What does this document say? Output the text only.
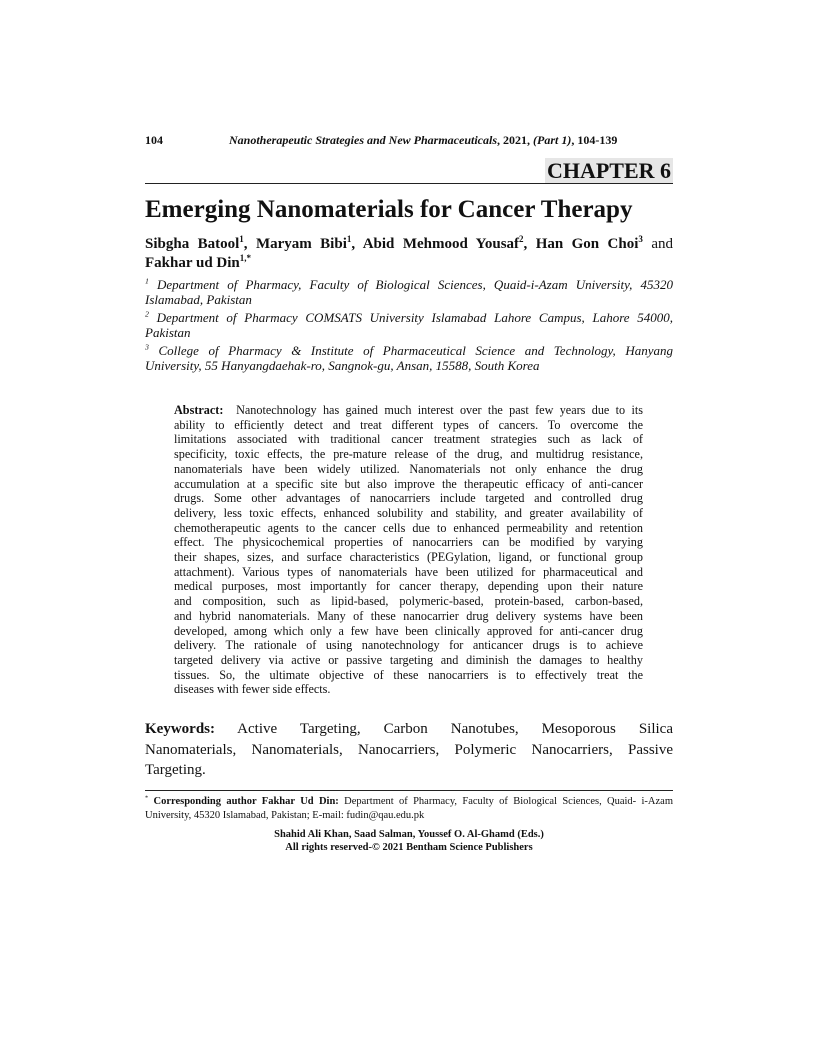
104	Nanotherapeutic Strategies and New Pharmaceuticals, 2021, (Part 1), 104-139
CHAPTER 6
Emerging Nanomaterials for Cancer Therapy
Sibgha Batool$^1$, Maryam Bibi$^1$, Abid Mehmood Yousaf$^2$, Han Gon Choi$^3$ and
Fakhar ud Din$^{1,*}$
$^1$ Department of Pharmacy, Faculty of Biological Sciences, Quaid-i-Azam University, 45320
Islamabad, Pakistan
$^2$ Department of Pharmacy COMSATS University Islamabad Lahore Campus, Lahore 54000,
Pakistan
$^3$ College of Pharmacy & Institute of Pharmaceutical Science and Technology, Hanyang
University, 55 Hanyangdaehak-ro, Sangnok-gu, Ansan, 15588, South Korea
Abstract: Nanotechnology has gained much interest over the past few years due to its
ability to efficiently detect and treat different types of cancers. To overcome the
limitations associated with traditional cancer treatment strategies such as lack of
specificity, toxic effects, the pre-mature release of the drug, and multidrug resistance,
nanomaterials have been widely utilized. Nanomaterials not only enhance the drug
accumulation at a specific site but also improve the therapeutic efficacy of anti-cancer
drugs. Some other advantages of nanocarriers include targeted and controlled drug
delivery, less toxic effects, enhanced solubility and stability, and greater availability of
chemotherapeutic agents to the cancer cells due to enhanced permeability and retention
effect. The physicochemical properties of nanocarriers can be modified by varying
their shapes, sizes, and surface characteristics (PEGylation, ligand, or functional group
attachment). Various types of nanomaterials have been utilized for pharmaceutical and
medical purposes, most importantly for cancer therapy, depending upon their nature
and composition, such as lipid-based, polymeric-based, protein-based, carbon-based,
and hybrid nanomaterials. Many of these nanocarrier drug delivery systems have been
developed, among which only a few have been clinically approved for anti-cancer drug
delivery. The rationale of using nanotechnology for anticancer drugs is to achieve
targeted delivery via active or passive targeting and diminish the damages to healthy
tissues. So, the ultimate objective of these nanocarriers is to effectively treat the
diseases with fewer side effects.
Keywords: Active Targeting, Carbon Nanotubes, Mesoporous Silica
Nanomaterials, Nanomaterials, Nanocarriers, Polymeric Nanocarriers, Passive
Targeting.
* Corresponding author Fakhar Ud Din: Department of Pharmacy, Faculty of Biological Sciences, Quaid- i-Azam
University, 45320 Islamabad, Pakistan; E-mail: fudin@qau.edu.pk
Shahid Ali Khan, Saad Salman, Youssef O. Al-Ghamd (Eds.)
All rights reserved-© 2021 Bentham Science Publishers
